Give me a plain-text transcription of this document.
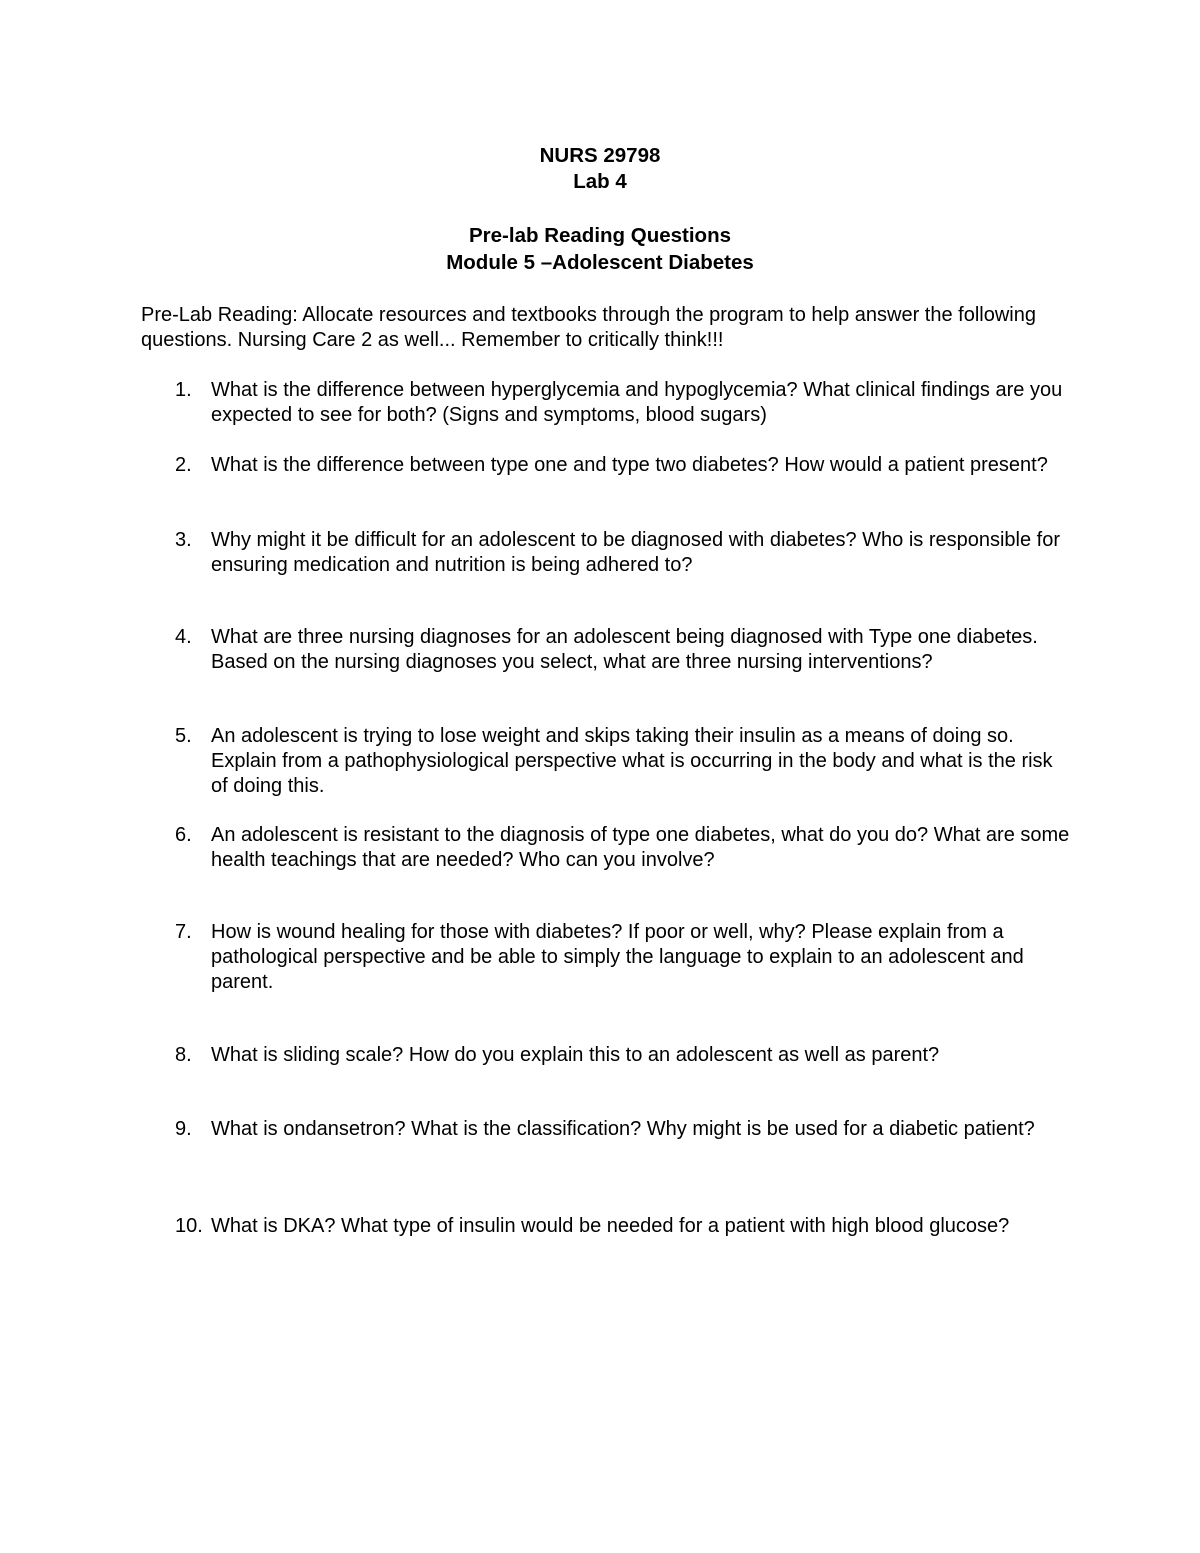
NURS 29798
Lab 4
Pre-lab Reading Questions
Module 5 –Adolescent Diabetes

Pre-Lab Reading: Allocate resources and textbooks through the program to help answer the following questions. Nursing Care 2 as well... Remember to critically think!!!

1. What is the difference between hyperglycemia and hypoglycemia? What clinical findings are you expected to see for both? (Signs and symptoms, blood sugars)
2. What is the difference between type one and type two diabetes? How would a patient present?
3. Why might it be difficult for an adolescent to be diagnosed with diabetes? Who is responsible for ensuring medication and nutrition is being adhered to?
4. What are three nursing diagnoses for an adolescent being diagnosed with Type one diabetes. Based on the nursing diagnoses you select, what are three nursing interventions?
5. An adolescent is trying to lose weight and skips taking their insulin as a means of doing so. Explain from a pathophysiological perspective what is occurring in the body and what is the risk of doing this.
6. An adolescent is resistant to the diagnosis of type one diabetes, what do you do? What are some health teachings that are needed? Who can you involve?
7. How is wound healing for those with diabetes? If poor or well, why? Please explain from a pathological perspective and be able to simply the language to explain to an adolescent and parent.
8. What is sliding scale? How do you explain this to an adolescent as well as parent?
9. What is ondansetron? What is the classification? Why might is be used for a diabetic patient?
10. What is DKA? What type of insulin would be needed for a patient with high blood glucose?
